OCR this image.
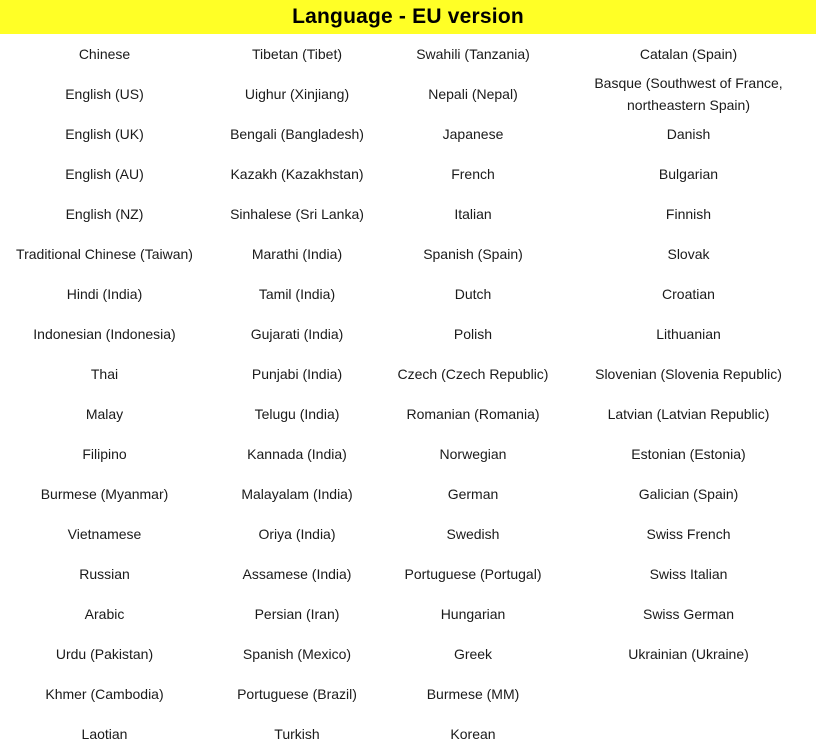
Language - EU version
Chinese
English (US)
English (UK)
English (AU)
English (NZ)
Traditional Chinese (Taiwan)
Hindi (India)
Indonesian (Indonesia)
Thai
Malay
Filipino
Burmese (Myanmar)
Vietnamese
Russian
Arabic
Urdu (Pakistan)
Khmer (Cambodia)
Laotian
Tibetan (Tibet)
Uighur (Xinjiang)
Bengali (Bangladesh)
Kazakh (Kazakhstan)
Sinhalese (Sri Lanka)
Marathi (India)
Tamil (India)
Gujarati (India)
Punjabi (India)
Telugu (India)
Kannada (India)
Malayalam (India)
Oriya (India)
Assamese (India)
Persian (Iran)
Spanish (Mexico)
Portuguese (Brazil)
Turkish
Swahili (Tanzania)
Nepali (Nepal)
Japanese
French
Italian
Spanish (Spain)
Dutch
Polish
Czech (Czech Republic)
Romanian (Romania)
Norwegian
German
Swedish
Portuguese (Portugal)
Hungarian
Greek
Burmese (MM)
Korean
Catalan (Spain)
Basque (Southwest of France, northeastern Spain)
Danish
Bulgarian
Finnish
Slovak
Croatian
Lithuanian
Slovenian (Slovenia Republic)
Latvian (Latvian Republic)
Estonian (Estonia)
Galician (Spain)
Swiss French
Swiss Italian
Swiss German
Ukrainian (Ukraine)
